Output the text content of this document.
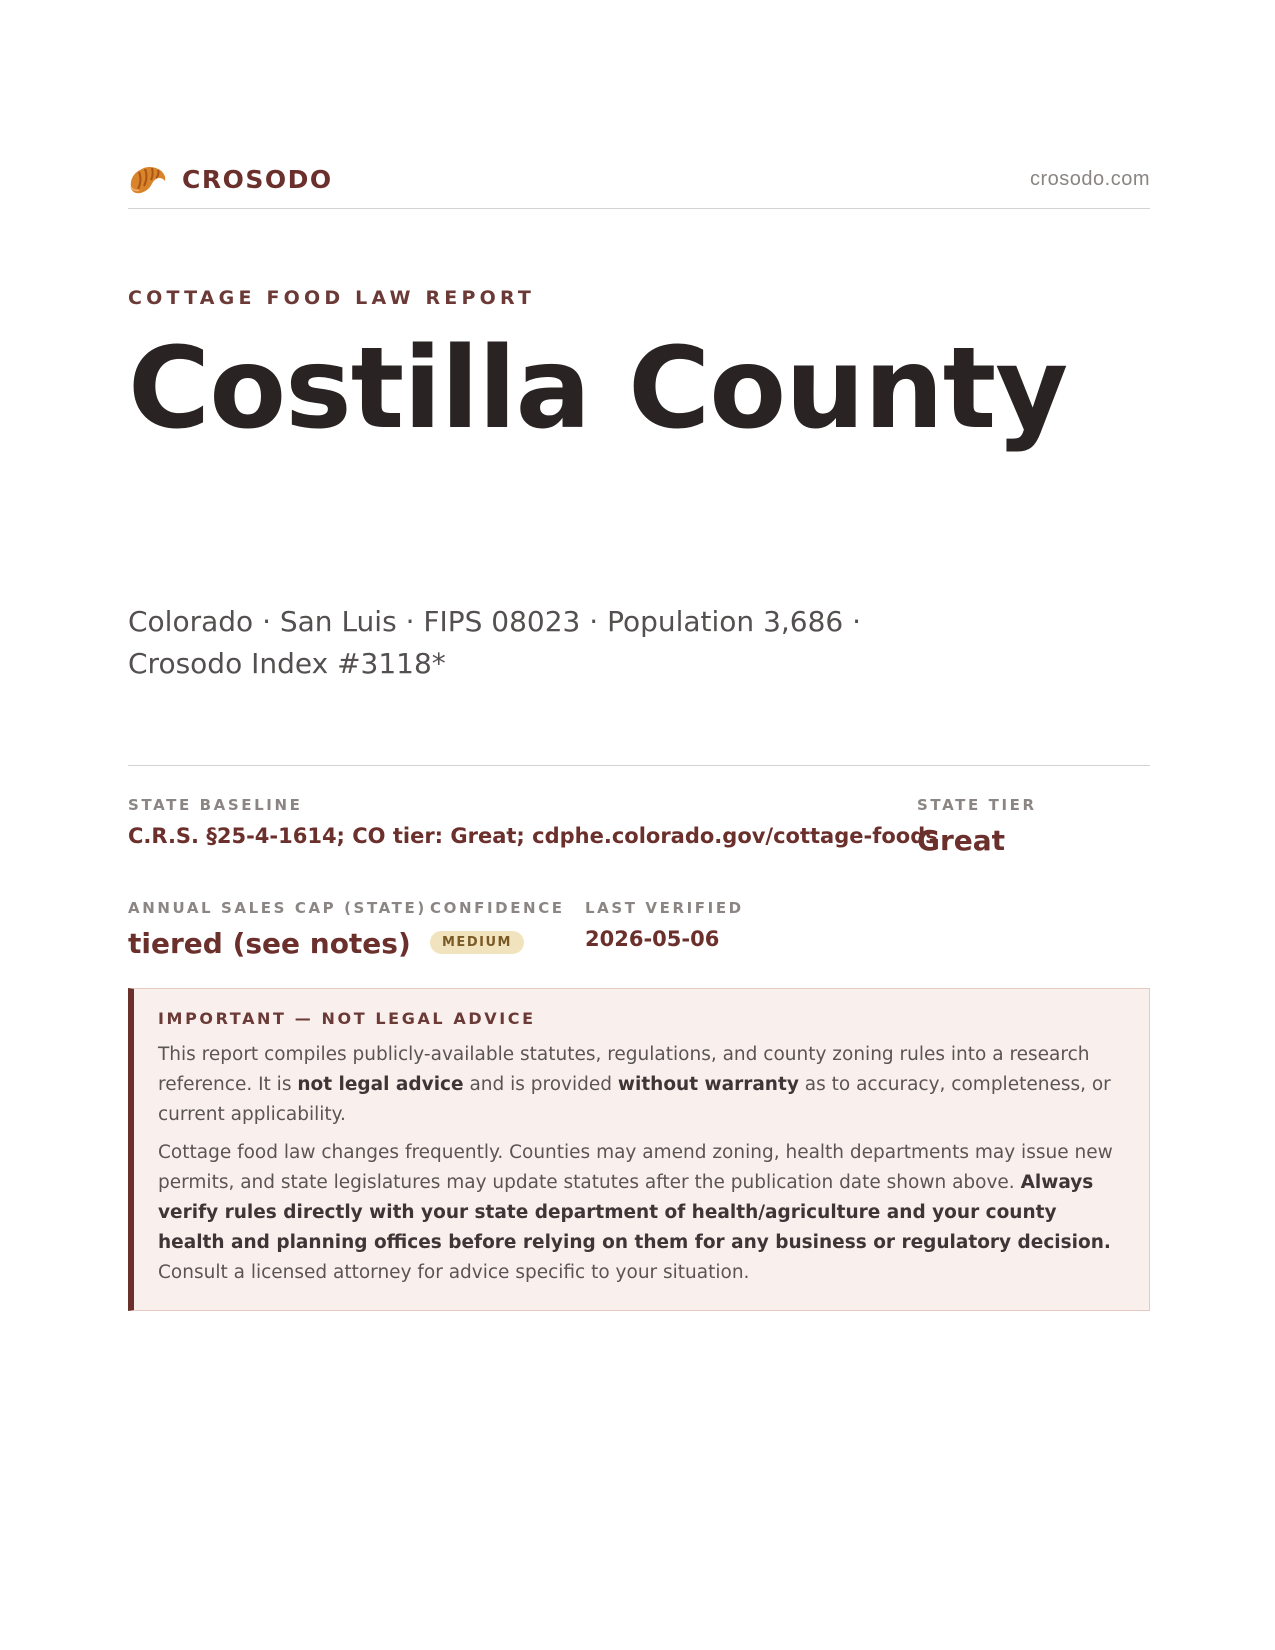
CROSODO	crosodo.com
COTTAGE FOOD LAW REPORT
Costilla County
Colorado · San Luis · FIPS 08023 · Population 3,686 · Crosodo Index #3118*
STATE BASELINE
C.R.S. §25-4-1614; CO tier: Great; cdphe.colorado.gov/cottage-foods
STATE TIER
Great
ANNUAL SALES CAP (STATE)
tiered (see notes)
CONFIDENCE
MEDIUM
LAST VERIFIED
2026-05-06
IMPORTANT — NOT LEGAL ADVICE

This report compiles publicly-available statutes, regulations, and county zoning rules into a research reference. It is not legal advice and is provided without warranty as to accuracy, completeness, or current applicability.

Cottage food law changes frequently. Counties may amend zoning, health departments may issue new permits, and state legislatures may update statutes after the publication date shown above. Always verify rules directly with your state department of health/agriculture and your county health and planning offices before relying on them for any business or regulatory decision. Consult a licensed attorney for advice specific to your situation.
